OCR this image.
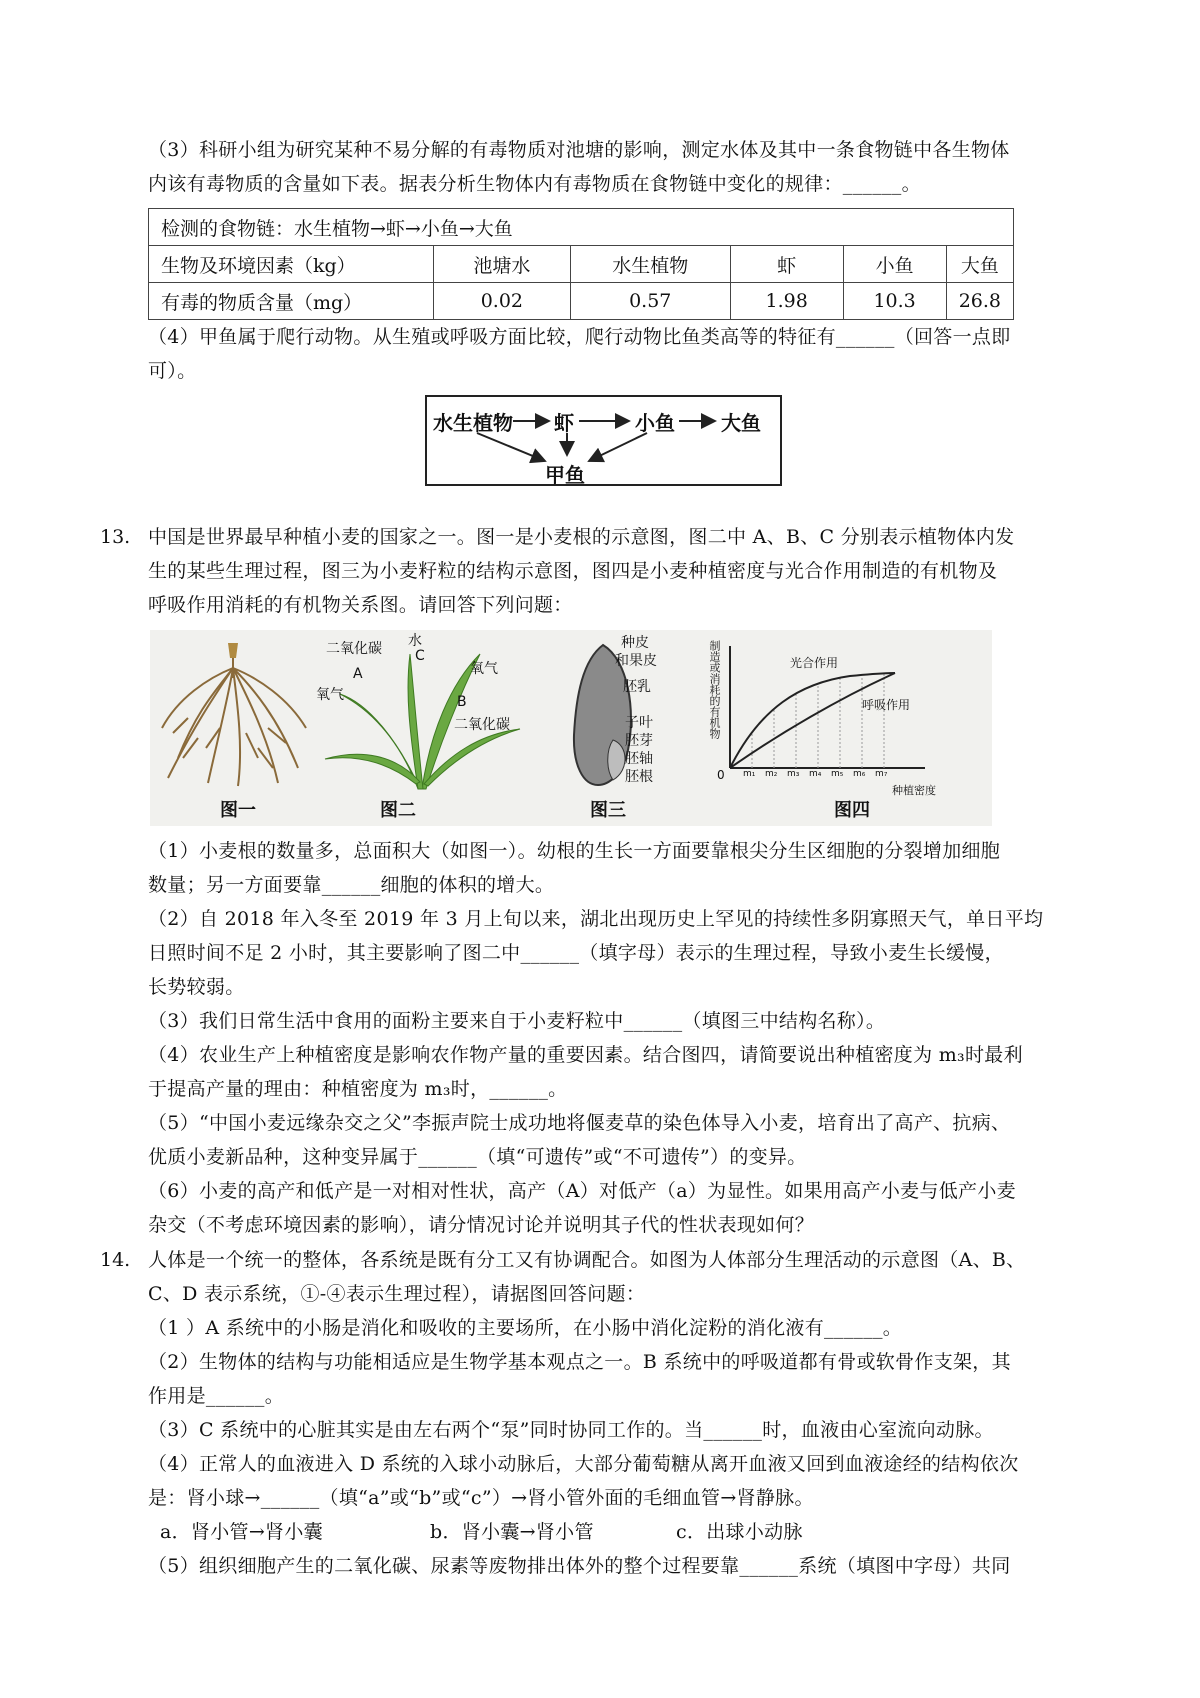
（3）科研小组为研究某种不易分解的有毒物质对池塘的影响，测定水体及其中一条食物链中各生物体
内该有毒物质的含量如下表。据表分析生物体内有毒物质在食物链中变化的规律：______。
检测的食物链：水生植物→虾→小鱼→大鱼					
生物及环境因素（kg）	池塘水	水生植物	虾	小鱼	大鱼
有毒的物质含量（mg）	0.02	0.57	1.98	10.3	26.8
（4）甲鱼属于爬行动物。从生殖或呼吸方面比较，爬行动物比鱼类高等的特征有______（回答一点即
可）。
水生植物 虾	小鱼 大鱼
甲鱼
13. 中国是世界最早种植小麦的国家之一。图一是小麦根的示意图，图二中 A、B、C 分别表示植物体内发
生的某些生理过程，图三为小麦籽粒的结构示意图，图四是小麦种植密度与光合作用制造的有机物及
呼吸作用消耗的有机物关系图。请回答下列问题：
图一
二氧化碳 水
C
A
氧气
氧气
B
二氧化碳
图二
种皮
和果皮
胚乳
子叶
胚芽
胚轴
胚根
图三
制造或消耗的有机物	光合作用
呼吸作用
0 m₁ m₂ m₃ m₄ m₅ m₆ m₇
种植密度
图四
（1）小麦根的数量多，总面积大（如图一）。幼根的生长一方面要靠根尖分生区细胞的分裂增加细胞
数量；另一方面要靠______细胞的体积的增大。
（2）自 2018 年入冬至 2019 年 3 月上旬以来，湖北出现历史上罕见的持续性多阴寡照天气，单日平均
日照时间不足 2 小时，其主要影响了图二中______（填字母）表示的生理过程，导致小麦生长缓慢，
长势较弱。
（3）我们日常生活中食用的面粉主要来自于小麦籽粒中______（填图三中结构名称）。
（4）农业生产上种植密度是影响农作物产量的重要因素。结合图四，请简要说出种植密度为 m₃时最利
于提高产量的理由：种植密度为 m₃时，______。
（5）“中国小麦远缘杂交之父”李振声院士成功地将偃麦草的染色体导入小麦，培育出了高产、抗病、
优质小麦新品种，这种变异属于______（填“可遗传”或“不可遗传”）的变异。
（6）小麦的高产和低产是一对相对性状，高产（A）对低产（a）为显性。如果用高产小麦与低产小麦
杂交（不考虑环境因素的影响），请分情况讨论并说明其子代的性状表现如何？
14. 人体是一个统一的整体，各系统是既有分工又有协调配合。如图为人体部分生理活动的示意图（A、B、
C、D 表示系统，①-④表示生理过程），请据图回答问题：
（1 ）A 系统中的小肠是消化和吸收的主要场所，在小肠中消化淀粉的消化液有______。
（2）生物体的结构与功能相适应是生物学基本观点之一。B 系统中的呼吸道都有骨或软骨作支架，其
作用是______。
（3）C 系统中的心脏其实是由左右两个“泵”同时协同工作的。当______时，血液由心室流向动脉。
（4）正常人的血液进入 D 系统的入球小动脉后，大部分葡萄糖从离开血液又回到血液途经的结构依次
是：肾小球→______（填“a”或“b”或“c”）→肾小管外面的毛细血管→肾静脉。
a．肾小管→肾小囊	b．肾小囊→肾小管	c．出球小动脉
（5）组织细胞产生的二氧化碳、尿素等废物排出体外的整个过程要靠______系统（填图中字母）共同
